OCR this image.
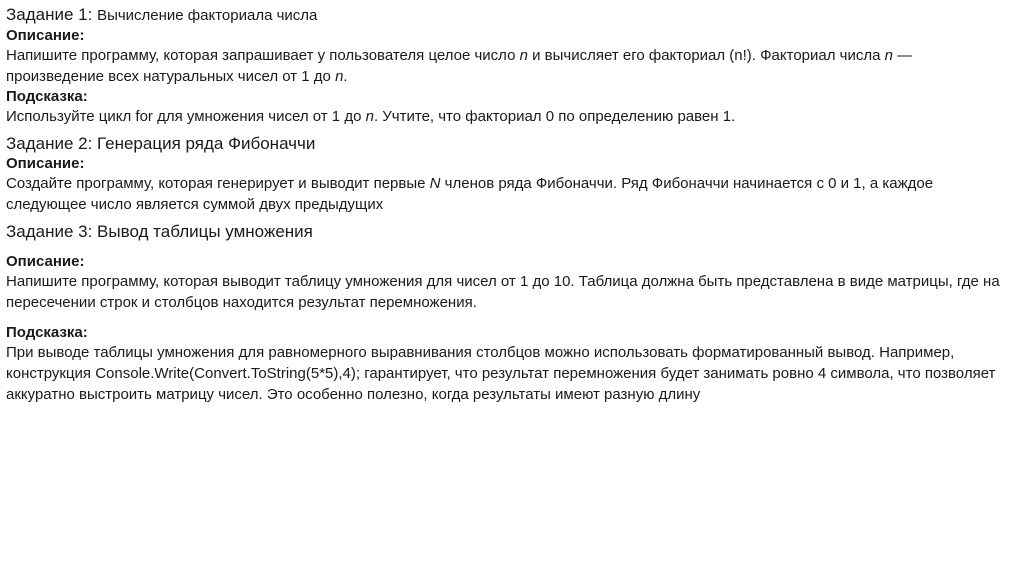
Задание 1: Вычисление факториала числа

Описание:

Напишите программу, которая запрашивает у пользователя целое число n и вычисляет его факториал (n!). Факториал числа n — произведение всех натуральных чисел от 1 до n.

Подсказка:

Используйте цикл for для умножения чисел от 1 до n. Учтите, что факториал 0 по определению равен 1.

Задание 2: Генерация ряда Фибоначчи

Описание:

Создайте программу, которая генерирует и выводит первые N членов ряда Фибоначчи. Ряд Фибоначчи начинается с 0 и 1, а каждое следующее число является суммой двух предыдущих

Задание 3: Вывод таблицы умножения

Описание:

Напишите программу, которая выводит таблицу умножения для чисел от 1 до 10. Таблица должна быть представлена в виде матрицы, где на пересечении строк и столбцов находится результат перемножения.

Подсказка:

При выводе таблицы умножения для равномерного выравнивания столбцов можно использовать форматированный вывод. Например, конструкция Console.Write(Convert.ToString(5*5),4); гарантирует, что результат перемножения будет занимать ровно 4 символа, что позволяет аккуратно выстроить матрицу чисел. Это особенно полезно, когда результаты имеют разную длину
